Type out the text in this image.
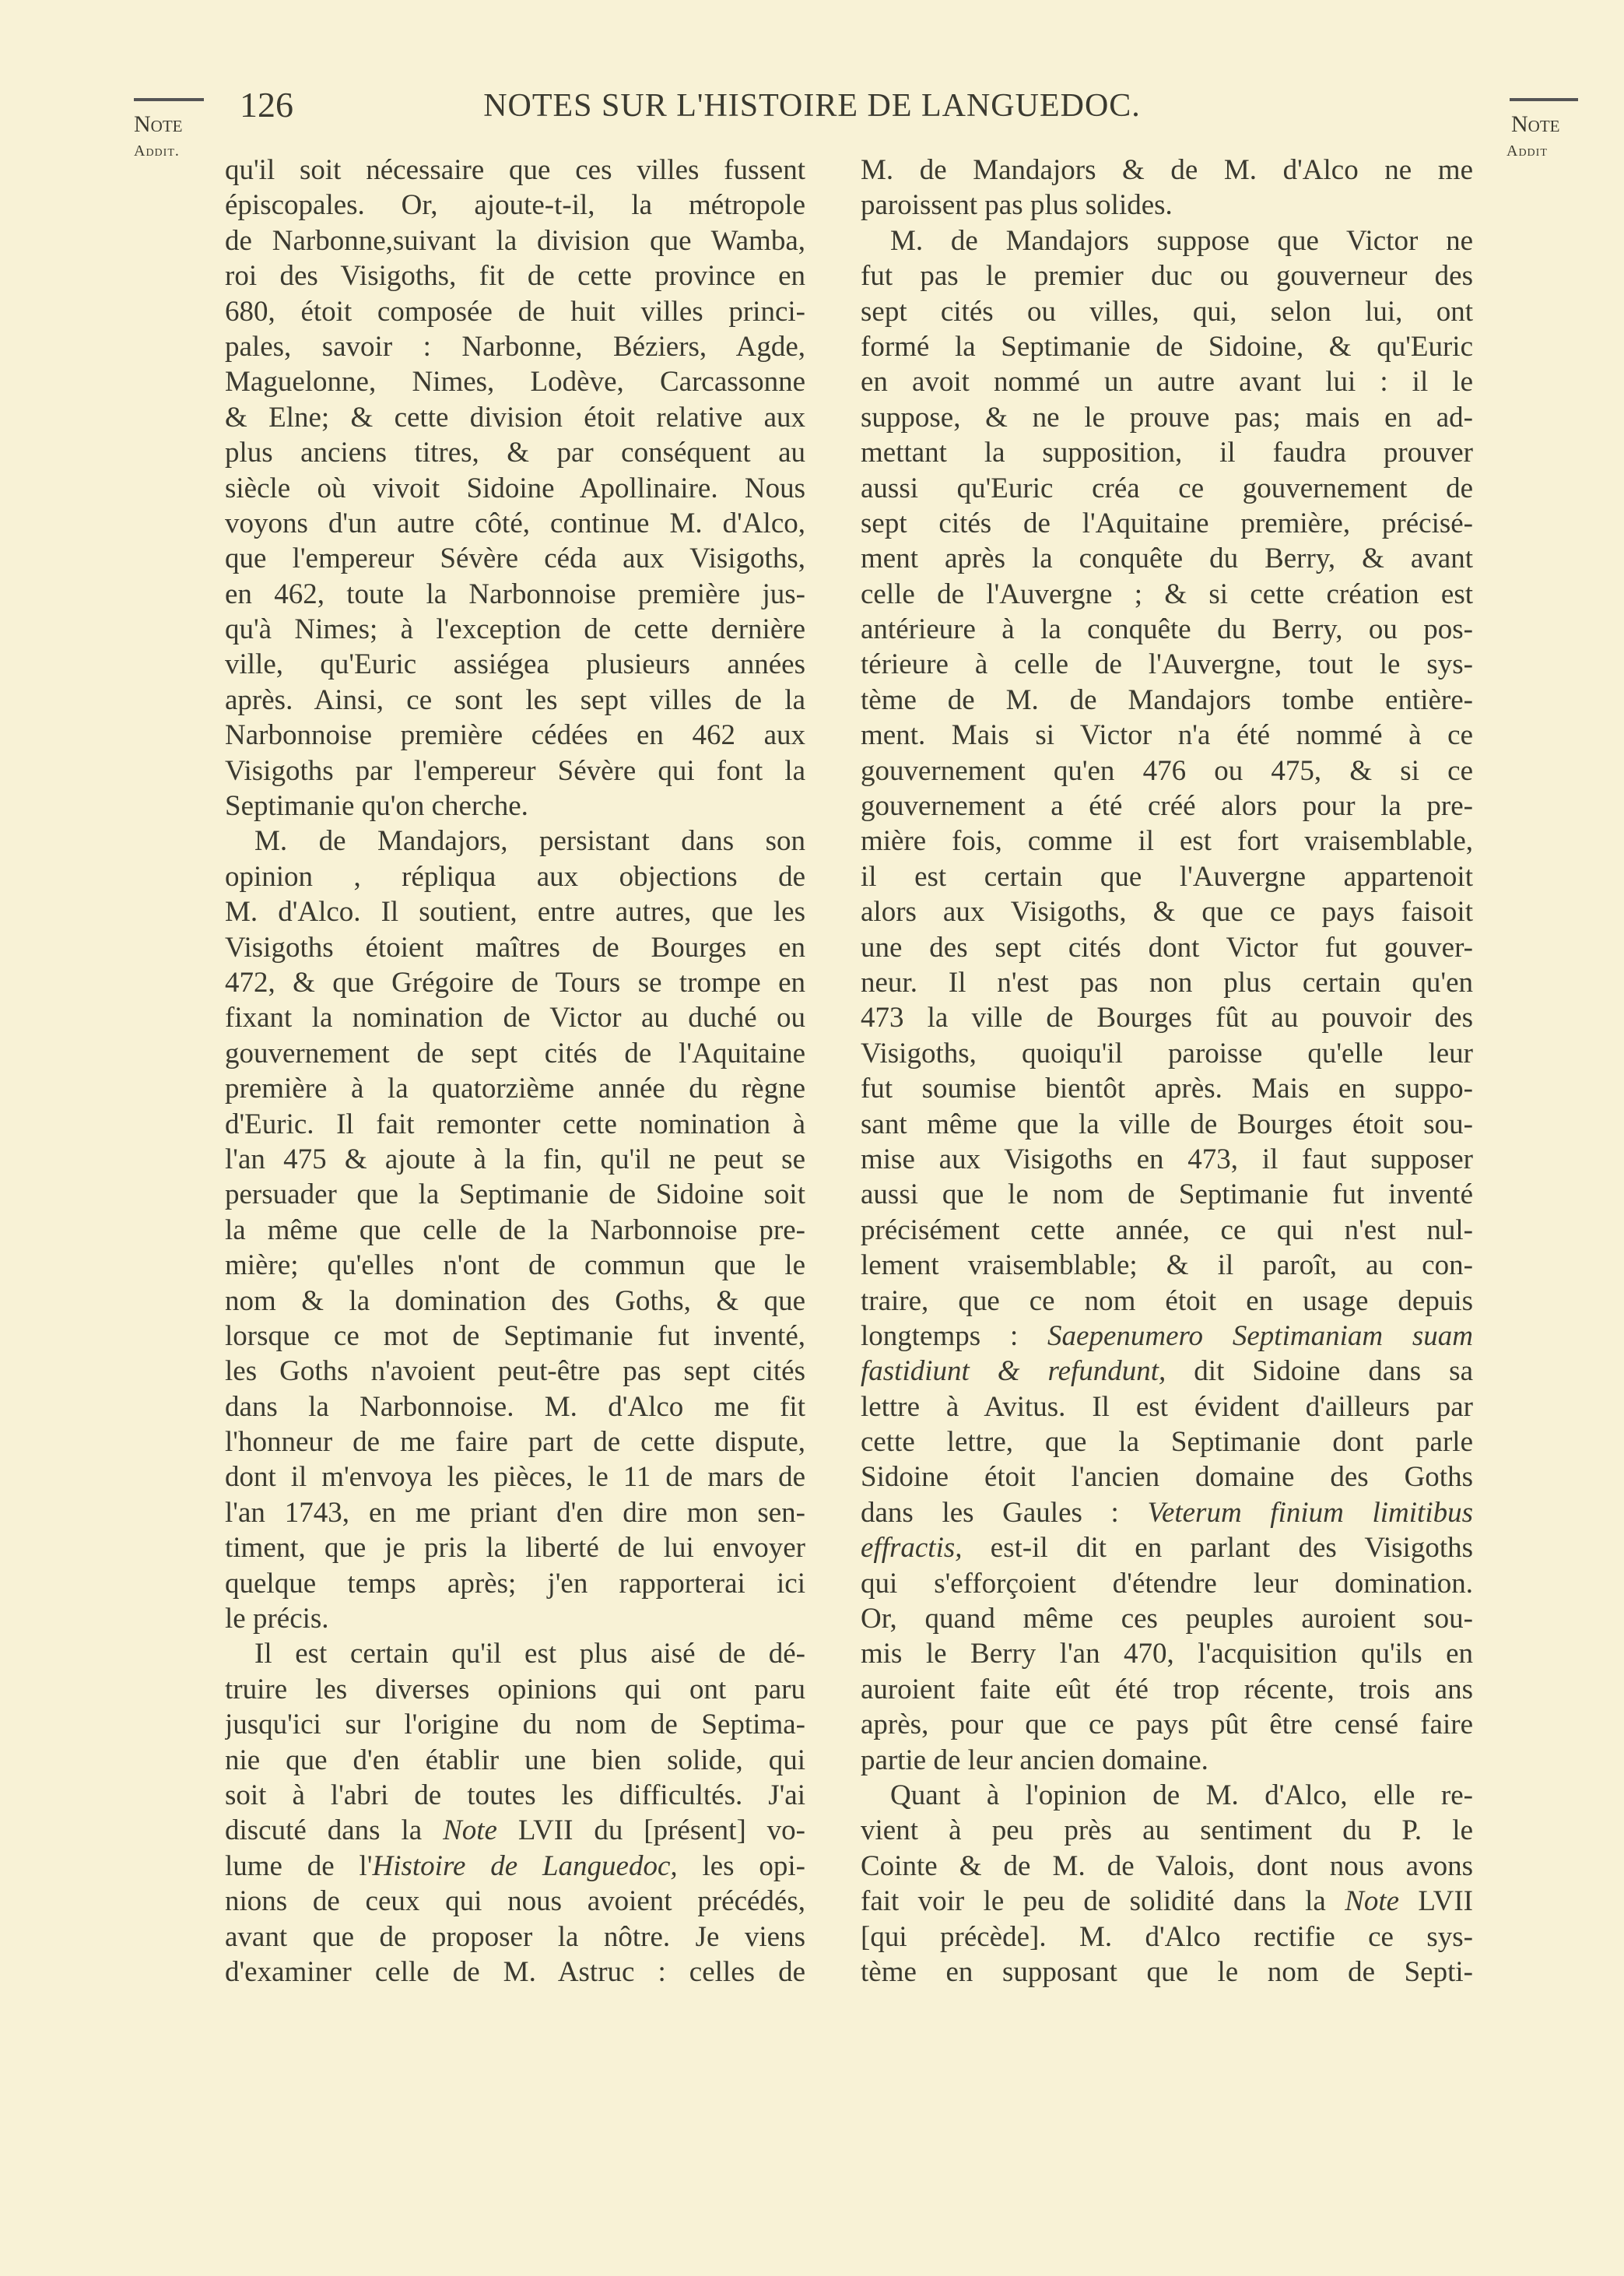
Note
Addit.
Note
Addit
126	NOTES SUR L'HISTOIRE DE LANGUEDOC.
qu'il soit nécessaire que ces villes fussent
épiscopales. Or, ajoute-t-il, la métropole
de Narbonne,suivant la division que Wamba,
roi des Visigoths, fit de cette province en
680, étoit composée de huit villes princi-
pales, savoir : Narbonne, Béziers, Agde,
Maguelonne, Nimes, Lodève, Carcassonne
& Elne; & cette division étoit relative aux
plus anciens titres, & par conséquent au
siècle où vivoit Sidoine Apollinaire. Nous
voyons d'un autre côté, continue M. d'Alco,
que l'empereur Sévère céda aux Visigoths,
en 462, toute la Narbonnoise première jus-
qu'à Nimes; à l'exception de cette dernière
ville, qu'Euric assiégea plusieurs années
après. Ainsi, ce sont les sept villes de la
Narbonnoise première cédées en 462 aux
Visigoths par l'empereur Sévère qui font la
Septimanie qu'on cherche.
M. de Mandajors, persistant dans son
opinion , répliqua aux objections de
M. d'Alco. Il soutient, entre autres, que les
Visigoths étoient maîtres de Bourges en
472, & que Grégoire de Tours se trompe en
fixant la nomination de Victor au duché ou
gouvernement de sept cités de l'Aquitaine
première à la quatorzième année du règne
d'Euric. Il fait remonter cette nomination à
l'an 475 & ajoute à la fin, qu'il ne peut se
persuader que la Septimanie de Sidoine soit
la même que celle de la Narbonnoise pre-
mière; qu'elles n'ont de commun que le
nom & la domination des Goths, & que
lorsque ce mot de Septimanie fut inventé,
les Goths n'avoient peut-être pas sept cités
dans la Narbonnoise. M. d'Alco me fit
l'honneur de me faire part de cette dispute,
dont il m'envoya les pièces, le 11 de mars de
l'an 1743, en me priant d'en dire mon sen-
timent, que je pris la liberté de lui envoyer
quelque temps après; j'en rapporterai ici
le précis.
Il est certain qu'il est plus aisé de dé-
truire les diverses opinions qui ont paru
jusqu'ici sur l'origine du nom de Septima-
nie que d'en établir une bien solide, qui
soit à l'abri de toutes les difficultés. J'ai
discuté dans la Note LVII du [présent] vo-
lume de l'Histoire de Languedoc, les opi-
nions de ceux qui nous avoient précédés,
avant que de proposer la nôtre. Je viens
d'examiner celle de M. Astruc : celles de
M. de Mandajors & de M. d'Alco ne me
paroissent pas plus solides.
M. de Mandajors suppose que Victor ne
fut pas le premier duc ou gouverneur des
sept cités ou villes, qui, selon lui, ont
formé la Septimanie de Sidoine, & qu'Euric
en avoit nommé un autre avant lui : il le
suppose, & ne le prouve pas; mais en ad-
mettant la supposition, il faudra prouver
aussi qu'Euric créa ce gouvernement de
sept cités de l'Aquitaine première, précisé-
ment après la conquête du Berry, & avant
celle de l'Auvergne ; & si cette création est
antérieure à la conquête du Berry, ou pos-
térieure à celle de l'Auvergne, tout le sys-
tème de M. de Mandajors tombe entière-
ment. Mais si Victor n'a été nommé à ce
gouvernement qu'en 476 ou 475, & si ce
gouvernement a été créé alors pour la pre-
mière fois, comme il est fort vraisemblable,
il est certain que l'Auvergne appartenoit
alors aux Visigoths, & que ce pays faisoit
une des sept cités dont Victor fut gouver-
neur. Il n'est pas non plus certain qu'en
473 la ville de Bourges fût au pouvoir des
Visigoths, quoiqu'il paroisse qu'elle leur
fut soumise bientôt après. Mais en suppo-
sant même que la ville de Bourges étoit sou-
mise aux Visigoths en 473, il faut supposer
aussi que le nom de Septimanie fut inventé
précisément cette année, ce qui n'est nul-
lement vraisemblable; & il paroît, au con-
traire, que ce nom étoit en usage depuis
longtemps : Saepenumero Septimaniam suam
fastidiunt & refundunt, dit Sidoine dans sa
lettre à Avitus. Il est évident d'ailleurs par
cette lettre, que la Septimanie dont parle
Sidoine étoit l'ancien domaine des Goths
dans les Gaules : Veterum finium limitibus
effractis, est-il dit en parlant des Visigoths
qui s'efforçoient d'étendre leur domination.
Or, quand même ces peuples auroient sou-
mis le Berry l'an 470, l'acquisition qu'ils en
auroient faite eût été trop récente, trois ans
après, pour que ce pays pût être censé faire
partie de leur ancien domaine.
Quant à l'opinion de M. d'Alco, elle re-
vient à peu près au sentiment du P. le
Cointe & de M. de Valois, dont nous avons
fait voir le peu de solidité dans la Note LVII
[qui précède]. M. d'Alco rectifie ce sys-
tème en supposant que le nom de Septi-
